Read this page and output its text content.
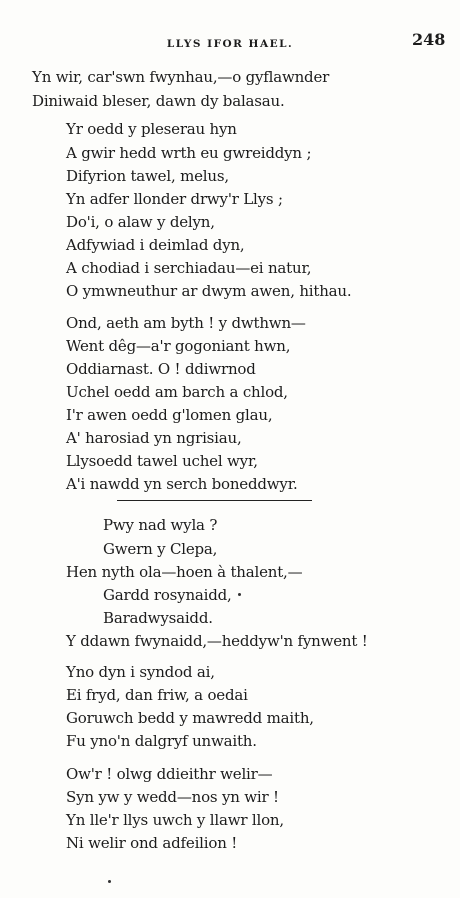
LLYS IFOR HAEL.	248
Yn wir, car'swn fwynhau,—o gyflawnder
Diniwaid bleser, dawn dy balasau.
Yr oedd y pleserau hyn
A gwir hedd wrth eu gwreiddyn ;
Difyrion tawel, melus,
Yn adfer llonder drwy'r Llys ;
Do'i, o alaw y delyn,
Adfywiad i deimlad dyn,
A chodiad i serchiadau—ei natur,
O ymwneuthur ar dwym awen, hithau.
Ond, aeth am byth ! y dwthwn—
Went dêg—a'r gogoniant hwn,
Oddiarnast. O ! ddiwrnod
Uchel oedd am barch a chlod,
I'r awen oedd g'lomen glau,
A' harosiad yn ngrisiau,
Llysoedd tawel uchel wyr,
A'i nawdd yn serch boneddwyr.
Pwy nad wyla ?
Gwern y Clepa,
Hen nyth ola—hoen à thalent,—
Gardd rosynaidd,
Baradwysaidd.
Y ddawn fwynaidd,—heddyw'n fynwent !
Yno dyn i syndod ai,
Ei fryd, dan friw, a oedai
Goruwch bedd y mawredd maith,
Fu yno'n dalgryf unwaith.
Ow'r ! olwg ddieithr welir—
Syn yw y wedd—nos yn wir !
Yn lle'r llys uwch y llawr llon,
Ni welir ond adfeilion !
